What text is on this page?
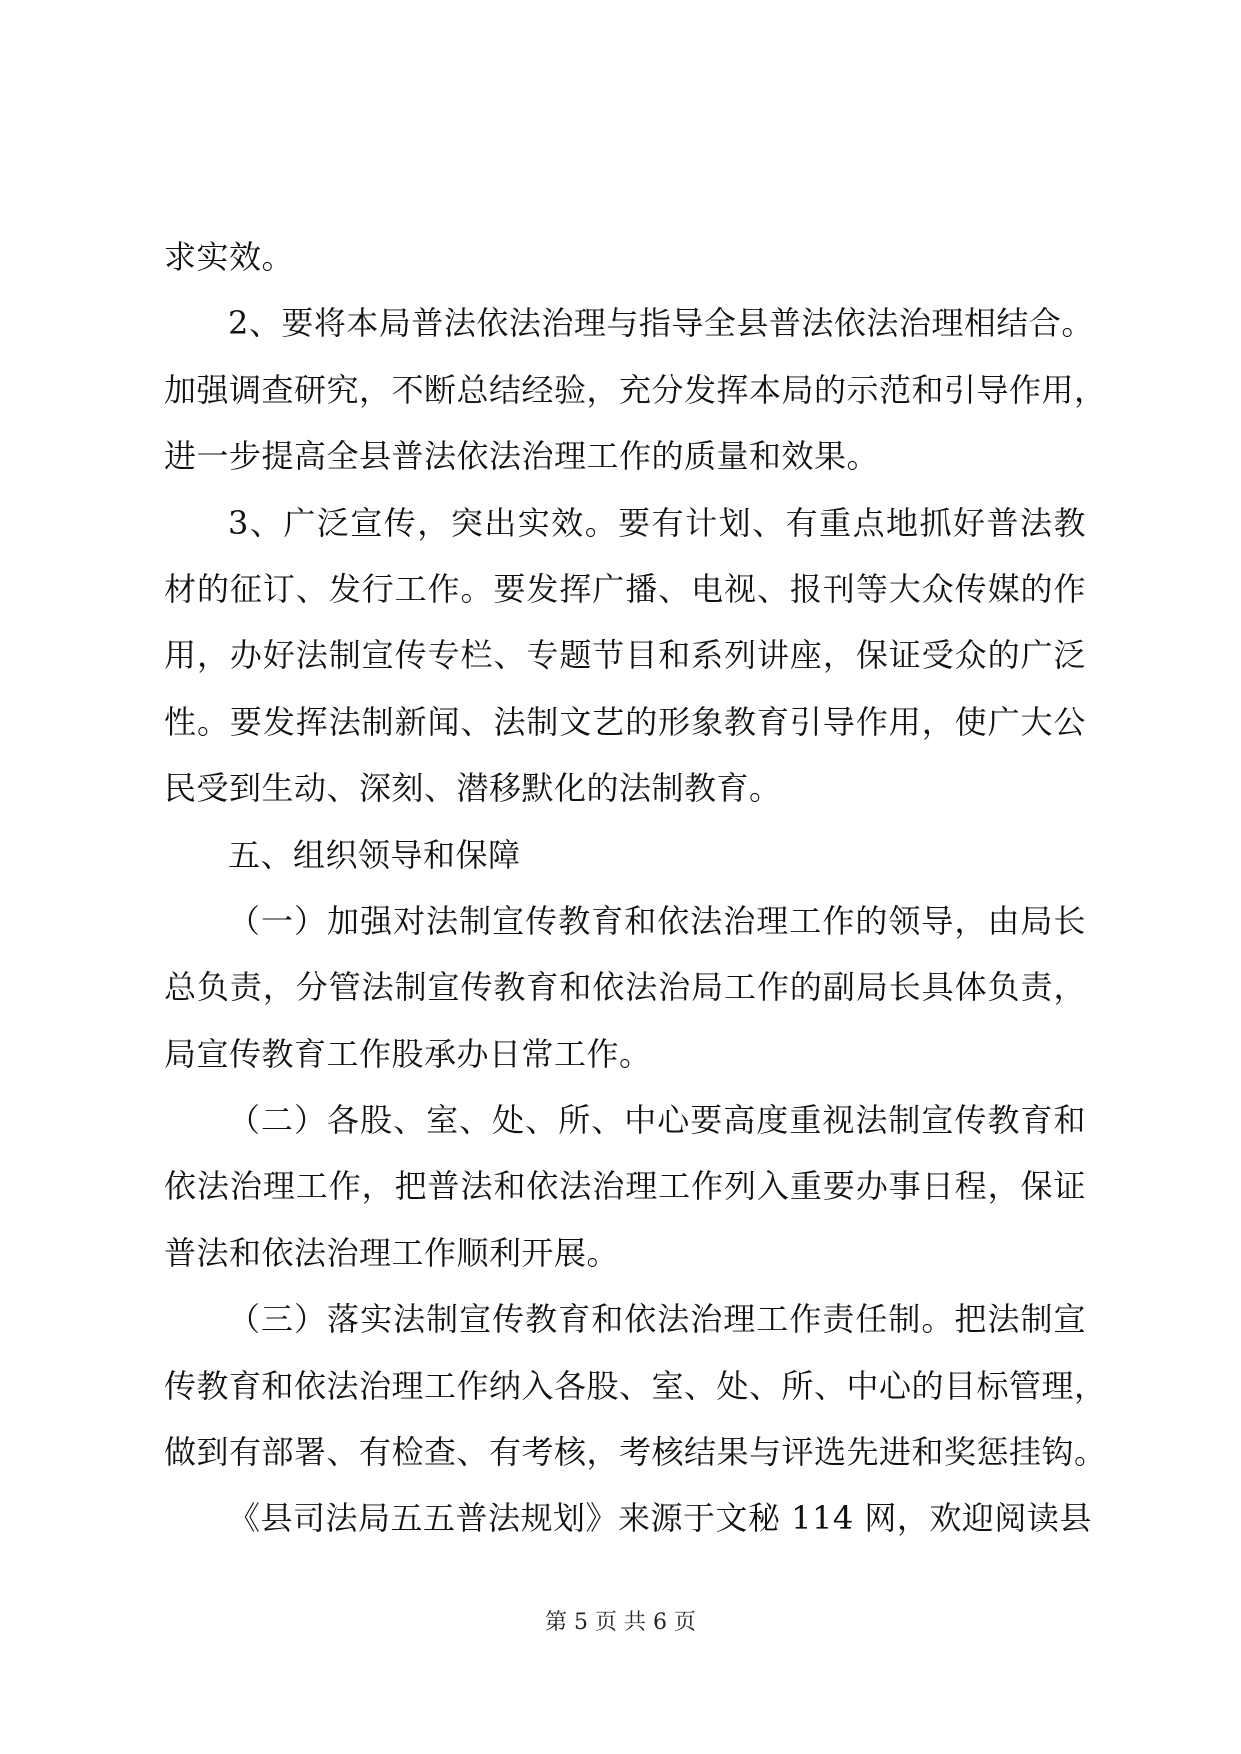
求实效。
2、要将本局普法依法治理与指导全县普法依法治理相结合。
加强调查研究，不断总结经验，充分发挥本局的示范和引导作用，
进一步提高全县普法依法治理工作的质量和效果。
3、广泛宣传，突出实效。要有计划、有重点地抓好普法教
材的征订、发行工作。要发挥广播、电视、报刊等大众传媒的作
用，办好法制宣传专栏、专题节目和系列讲座，保证受众的广泛
性。要发挥法制新闻、法制文艺的形象教育引导作用，使广大公
民受到生动、深刻、潜移默化的法制教育。
五、组织领导和保障
（一）加强对法制宣传教育和依法治理工作的领导，由局长
总负责，分管法制宣传教育和依法治局工作的副局长具体负责，
局宣传教育工作股承办日常工作。
（二）各股、室、处、所、中心要高度重视法制宣传教育和
依法治理工作，把普法和依法治理工作列入重要办事日程，保证
普法和依法治理工作顺利开展。
（三）落实法制宣传教育和依法治理工作责任制。把法制宣
传教育和依法治理工作纳入各股、室、处、所、中心的目标管理，
做到有部署、有检查、有考核，考核结果与评选先进和奖惩挂钩。
《县司法局五五普法规划》来源于文秘 114 网，欢迎阅读县
第 5 页 共 6 页
